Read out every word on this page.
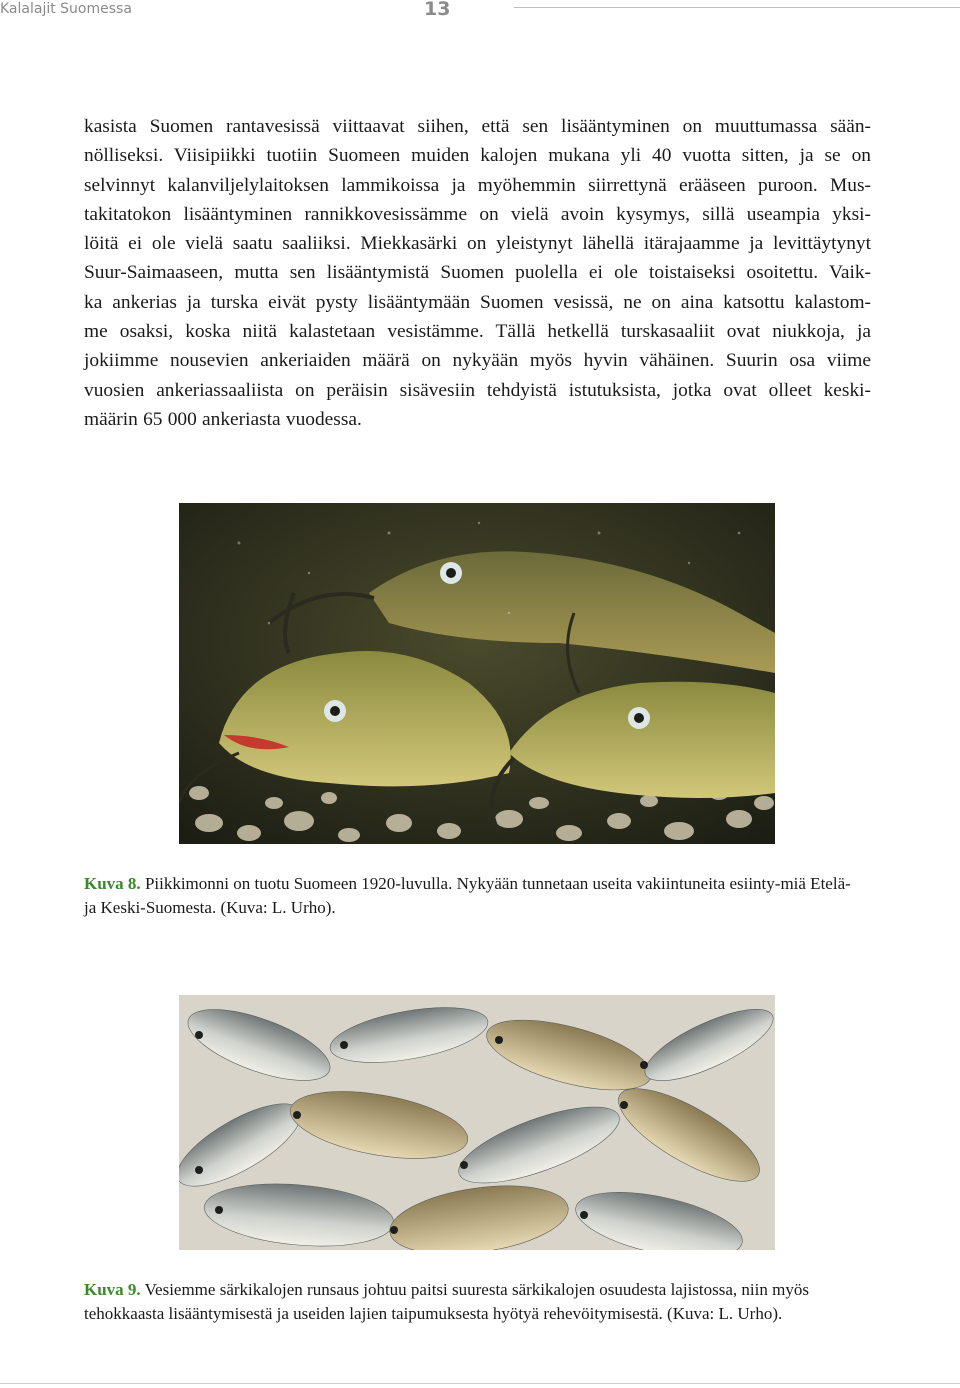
Kalalajit Suomessa	13
kasista Suomen rantavesissä viittaavat siihen, että sen lisääntyminen on muuttumassa sään-
nölliseksi. Viisipiikki tuotiin Suomeen muiden kalojen mukana yli 40 vuotta sitten, ja se on
selvinnyt kalanviljelylaitoksen lammikoissa ja myöhemmin siirrettynä erääseen puroon. Mus-
takitatokon lisääntyminen rannikkovesissämme on vielä avoin kysymys, sillä useampia yksi-
löitä ei ole vielä saatu saaliiksi. Miekkasärki on yleistynyt lähellä itärajaamme ja levittäytynyt
Suur-Saimaaseen, mutta sen lisääntymistä Suomen puolella ei ole toistaiseksi osoitettu. Vaik-
ka ankerias ja turska eivät pysty lisääntymään Suomen vesissä, ne on aina katsottu kalastom-
me osaksi, koska niitä kalastetaan vesistämme. Tällä hetkellä turskasaaliit ovat niukkoja, ja
jokiimme nousevien ankeriaiden määrä on nykyään myös hyvin vähäinen. Suurin osa viime
vuosien ankeriassaaliista on peräisin sisävesiin tehdyistä istutuksista, jotka ovat olleet keski-
määrin 65 000 ankeriasta vuodessa.

Kuva 8. Piikkimonni on tuotu Suomeen 1920-luvulla. Nykyään tunnetaan useita vakiintuneita esiinty-miä Etelä- ja Keski-Suomesta. (Kuva: L. Urho).

Kuva 9. Vesiemme särkikalojen runsaus johtuu paitsi suuresta särkikalojen osuudesta lajistossa, niin myös tehokkaasta lisääntymisestä ja useiden lajien taipumuksesta hyötyä rehevöitymisestä. (Kuva: L. Urho).
